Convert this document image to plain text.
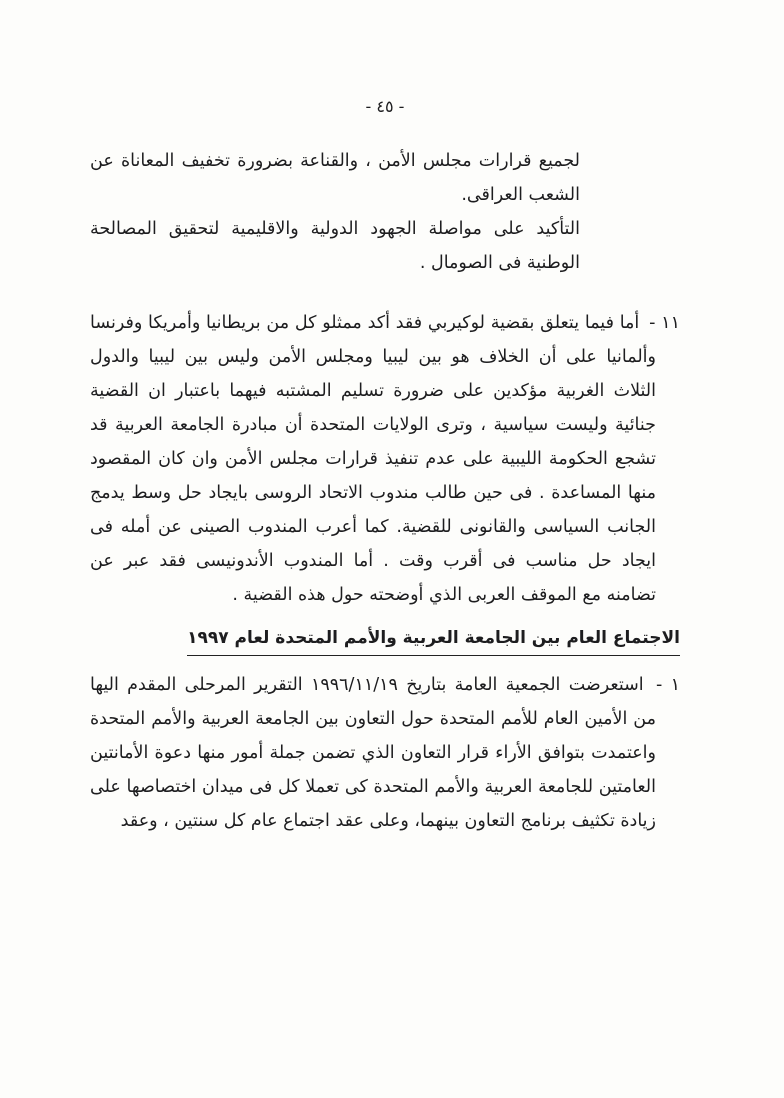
- ٤٥ -

لجميع قرارات مجلس الأمن ، والقناعة بضرورة تخفيف المعاناة عن الشعب العراقى.

التأكيد على مواصلة الجهود الدولية والاقليمية لتحقيق المصالحة الوطنية فى الصومال .

١١ - أما فيما يتعلق بقضية لوكيربي فقد أكد ممثلو كل من بريطانيا وأمريكا وفرنسا وألمانيا على أن الخلاف هو بين ليبيا ومجلس الأمن وليس بين ليبيا والدول الثلاث الغربية مؤكدين على ضرورة تسليم المشتبه فيهما باعتبار ان القضية جنائية وليست سياسية ، وترى الولايات المتحدة أن مبادرة الجامعة العربية قد تشجع الحكومة الليبية على عدم تنفيذ قرارات مجلس الأمن وان كان المقصود منها المساعدة . فى حين طالب مندوب الاتحاد الروسى بايجاد حل وسط يدمج الجانب السياسى والقانونى للقضية. كما أعرب المندوب الصينى عن أمله فى ايجاد حل مناسب فى أقرب وقت . أما المندوب الأندونيسى فقد عبر عن تضامنه مع الموقف العربى الذي أوضحته حول هذه القضية .

الاجتماع العام بين الجامعة العربية والأمم المتحدة لعام ١٩٩٧

١ - استعرضت الجمعية العامة بتاريخ ١٩٩٦/١١/١٩ التقرير المرحلى المقدم اليها من الأمين العام للأمم المتحدة حول التعاون بين الجامعة العربية والأمم المتحدة واعتمدت بتوافق الأراء قرار التعاون الذي تضمن جملة أمور منها دعوة الأمانتين العامتين للجامعة العربية والأمم المتحدة كى تعملا كل فى ميدان اختصاصها على زيادة تكثيف برنامج التعاون بينهما، وعلى عقد اجتماع عام كل سنتين ، وعقد
